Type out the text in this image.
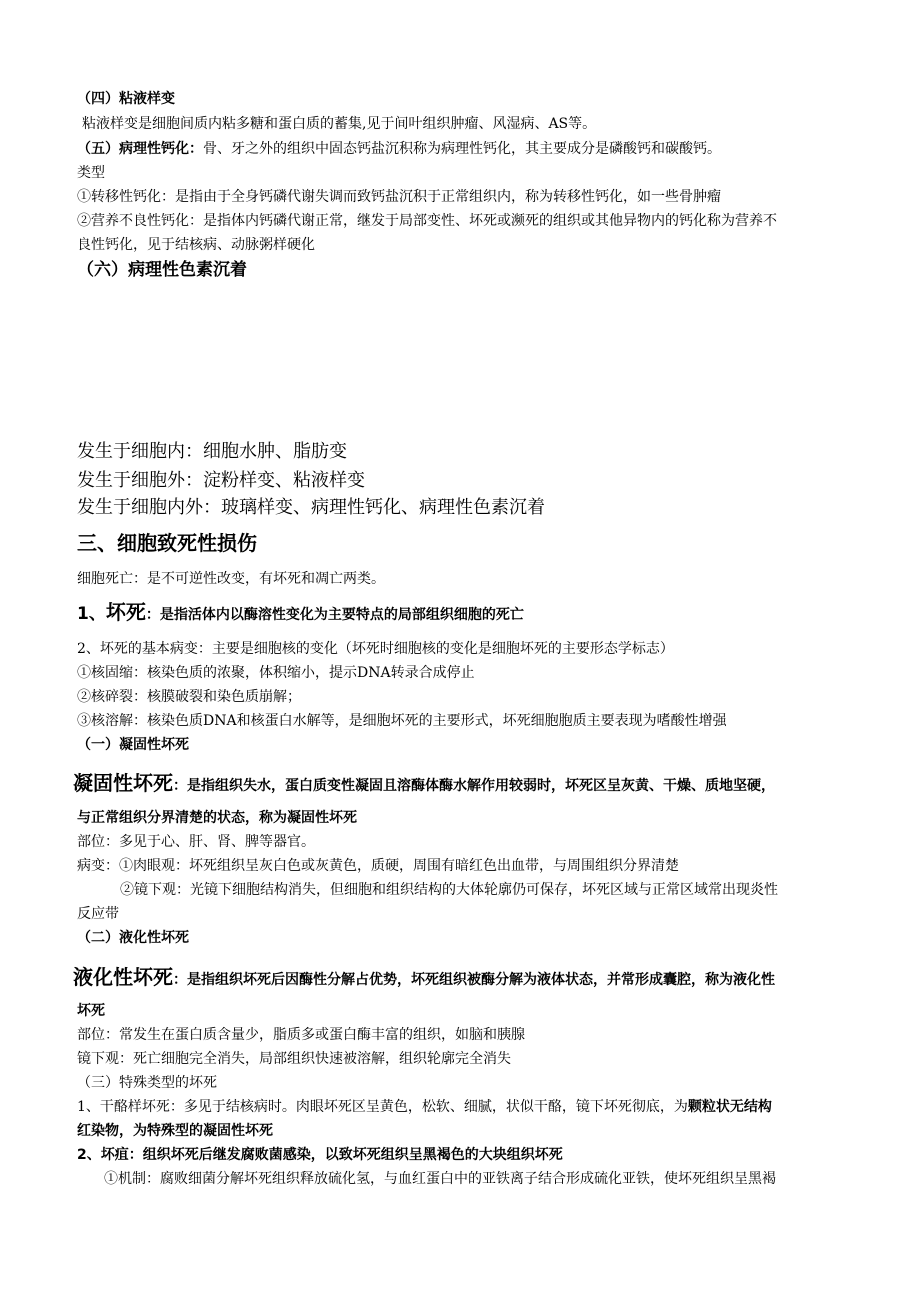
（四）粘液样变
粘液样变是细胞间质内粘多糖和蛋白质的蓄集,见于间叶组织肿瘤、风湿病、AS等。
（五）病理性钙化：骨、牙之外的组织中固态钙盐沉积称为病理性钙化，其主要成分是磷酸钙和碳酸钙。
类型
①转移性钙化：是指由于全身钙磷代谢失调而致钙盐沉积于正常组织内，称为转移性钙化，如一些骨肿瘤
②营养不良性钙化：是指体内钙磷代谢正常，继发于局部变性、坏死或濒死的组织或其他异物内的钙化称为营养不
良性钙化，见于结核病、动脉粥样硬化
（六）病理性色素沉着
发生于细胞内：细胞水肿、脂肪变
发生于细胞外：淀粉样变、粘液样变
发生于细胞内外：玻璃样变、病理性钙化、病理性色素沉着
三、细胞致死性损伤
细胞死亡：是不可逆性改变，有坏死和凋亡两类。
1、坏死：是指活体内以酶溶性变化为主要特点的局部组织细胞的死亡
2、坏死的基本病变：主要是细胞核的变化（坏死时细胞核的变化是细胞坏死的主要形态学标志）
①核固缩：核染色质的浓聚，体积缩小，提示DNA转录合成停止
②核碎裂：核膜破裂和染色质崩解；
③核溶解：核染色质DNA和核蛋白水解等，是细胞坏死的主要形式，坏死细胞胞质主要表现为嗜酸性增强
（一）凝固性坏死
凝固性坏死：是指组织失水，蛋白质变性凝固且溶酶体酶水解作用较弱时，坏死区呈灰黄、干燥、质地坚硬，
与正常组织分界清楚的状态，称为凝固性坏死
部位：多见于心、肝、肾、脾等器官。
病变：①肉眼观：坏死组织呈灰白色或灰黄色，质硬，周围有暗红色出血带，与周围组织分界清楚
②镜下观：光镜下细胞结构消失，但细胞和组织结构的大体轮廓仍可保存，坏死区域与正常区域常出现炎性
反应带
（二）液化性坏死
液化性坏死：是指组织坏死后因酶性分解占优势，坏死组织被酶分解为液体状态，并常形成囊腔，称为液化性
坏死
部位：常发生在蛋白质含量少，脂质多或蛋白酶丰富的组织，如脑和胰腺
镜下观：死亡细胞完全消失，局部组织快速被溶解，组织轮廓完全消失
（三）特殊类型的坏死
1、干酪样坏死：多见于结核病时。肉眼坏死区呈黄色，松软、细腻，状似干酪，镜下坏死彻底，为颗粒状无结构
红染物，为特殊型的凝固性坏死
2、坏疽：组织坏死后继发腐败菌感染，以致坏死组织呈黑褐色的大块组织坏死
①机制：腐败细菌分解坏死组织释放硫化氢，与血红蛋白中的亚铁离子结合形成硫化亚铁，使坏死组织呈黑褐
